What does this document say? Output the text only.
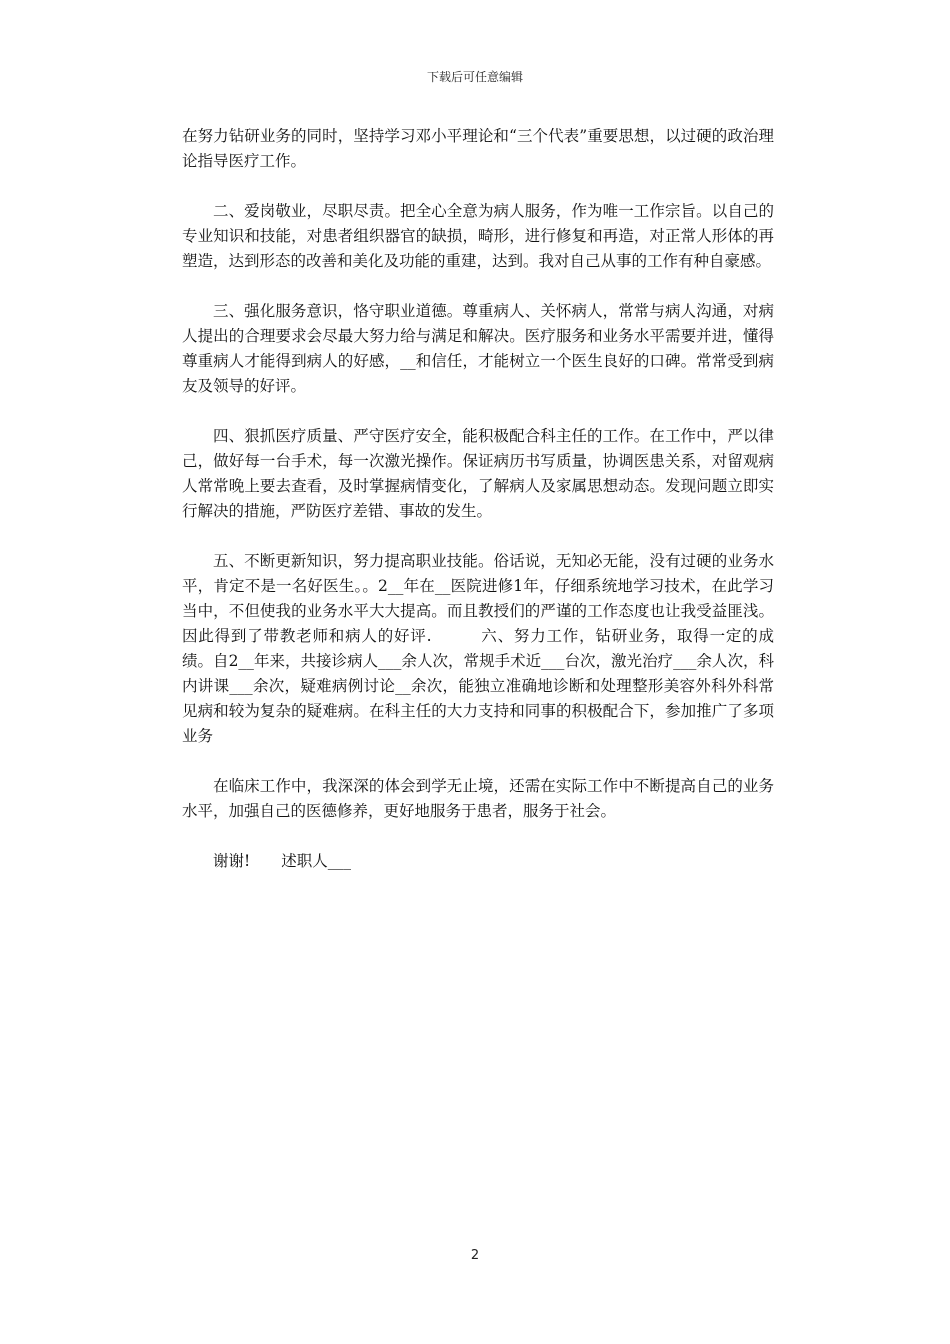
下载后可任意编辑

在努力钻研业务的同时，坚持学习邓小平理论和“三个代表”重要思想，以过硬的政治理论指导医疗工作。

二、爱岗敬业，尽职尽责。把全心全意为病人服务，作为唯一工作宗旨。以自己的专业知识和技能，对患者组织器官的缺损，畸形，进行修复和再造，对正常人形体的再塑造，达到形态的改善和美化及功能的重建，达到。我对自己从事的工作有种自豪感。

三、强化服务意识，恪守职业道德。尊重病人、关怀病人，常常与病人沟通，对病人提出的合理要求会尽最大努力给与满足和解决。医疗服务和业务水平需要并进，懂得尊重病人才能得到病人的好感，__和信任，才能树立一个医生良好的口碑。常常受到病友及领导的好评。

四、狠抓医疗质量、严守医疗安全，能积极配合科主任的工作。在工作中，严以律己，做好每一台手术，每一次激光操作。保证病历书写质量，协调医患关系，对留观病人常常晚上要去查看，及时掌握病情变化，了解病人及家属思想动态。发现问题立即实行解决的措施，严防医疗差错、事故的发生。

五、不断更新知识，努力提高职业技能。俗话说，无知必无能，没有过硬的业务水平，肯定不是一名好医生。。2__年在__医院进修1年，仔细系统地学习技术，在此学习当中，不但使我的业务水平大大提高。而且教授们的严谨的工作态度也让我受益匪浅。因此得到了带教老师和病人的好评.　　　六、努力工作，钻研业务，取得一定的成绩。自2__年来，共接诊病人___余人次，常规手术近___台次，激光治疗___余人次，科内讲课___余次，疑难病例讨论__余次，能独立准确地诊断和处理整形美容外科外科常见病和较为复杂的疑难病。在科主任的大力支持和同事的积极配合下，参加推广了多项业务

在临床工作中，我深深的体会到学无止境，还需在实际工作中不断提高自己的业务水平，加强自己的医德修养，更好地服务于患者，服务于社会。

谢谢!　　述职人___

2
